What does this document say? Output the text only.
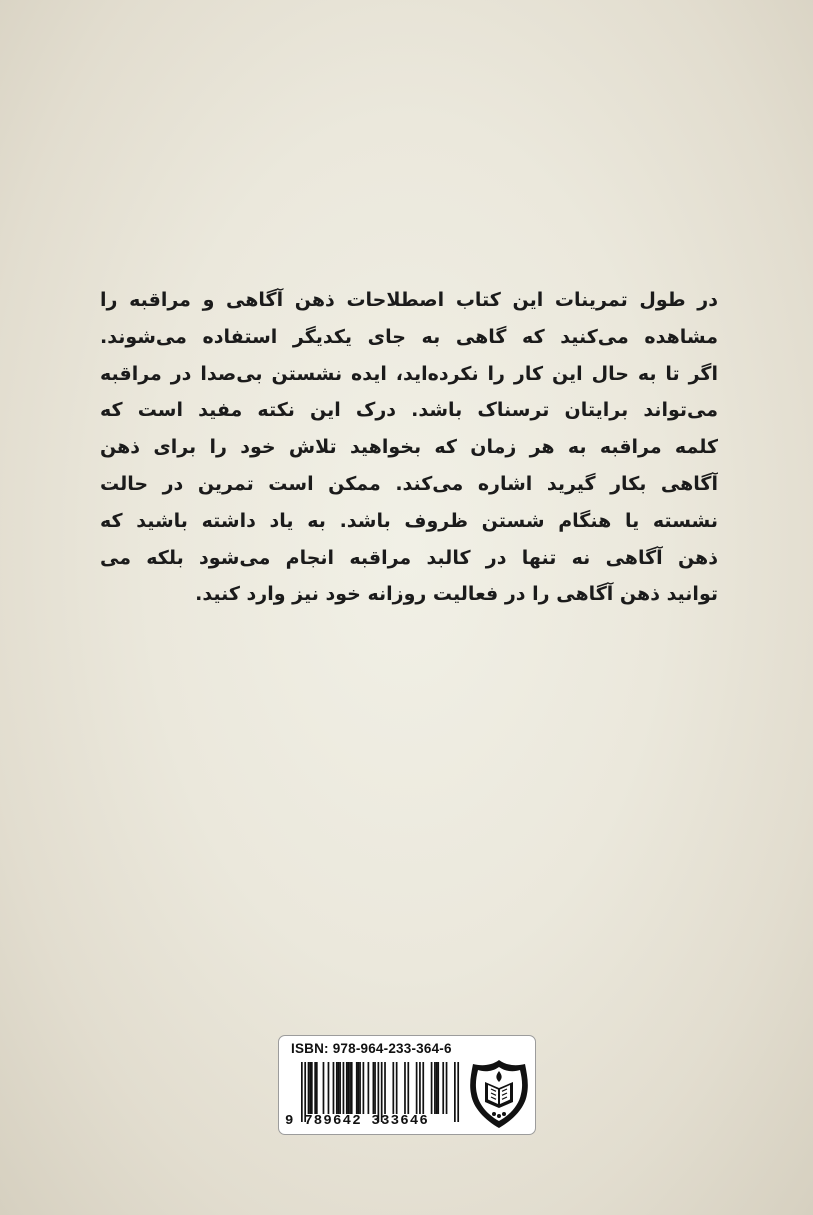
در طول تمرینات این کتاب اصطلاحات ذهن آگاهی و مراقبه را
مشاهده می‌کنید که گاهی به جای یکدیگر استفاده می‌شوند.
اگر تا به حال این کار را نکرده‌اید، ایده نشستن بی‌صدا در مراقبه
می‌تواند برایتان ترسناک باشد. درک این نکته مفید است که
کلمه مراقبه به هر زمان که بخواهید تلاش خود را برای ذهن
آگاهی بکار گیرید اشاره می‌کند. ممکن است تمرین در حالت
نشسته یا هنگام شستن ظروف باشد. به یاد داشته باشید که
ذهن آگاهی نه تنها در کالبد مراقبه انجام می‌شود بلکه می
توانید ذهن آگاهی را در فعالیت روزانه خود نیز وارد کنید.
ISBN: 978-964-233-364-6
9 789642 333646
